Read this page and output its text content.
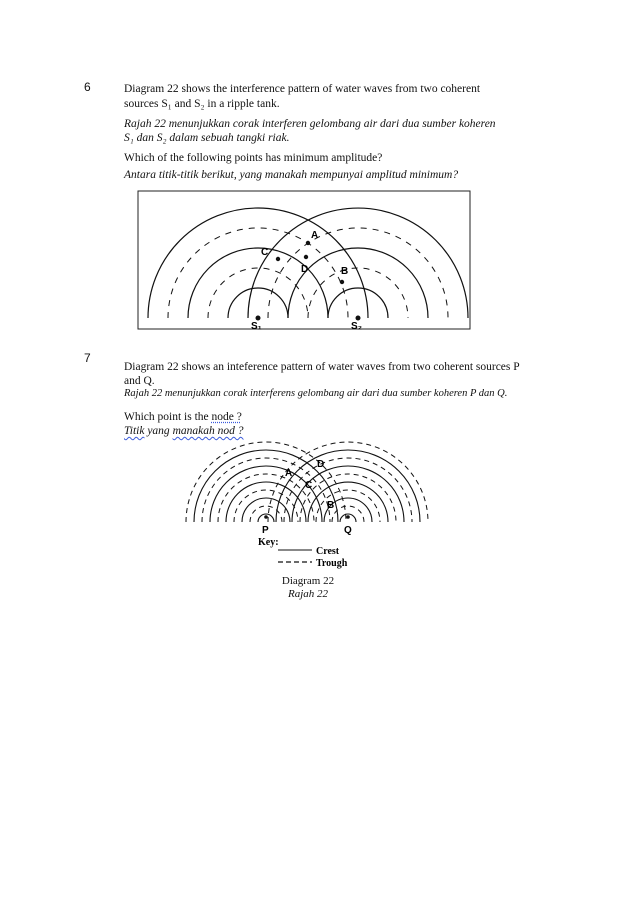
6	Diagram 22 shows the interference pattern of water waves from two coherent
sources S₁ and S₂ in a ripple tank.
Rajah 22 menunjukkan corak interferen gelombang air dari dua sumber koheren
S₁ dan S₂ dalam sebuah tangki riak.
Which of the following points has minimum amplitude?
Antara titik-titik berikut, yang manakah mempunyai amplitud minimum?
A
C
D	B
S₁	S₂
7
Diagram 22 shows an inteference pattern of water waves from two coherent sources P
and Q.
Rajah 22 menunjukkan corak interferens gelombang air dari dua sumber koheren P dan Q.
Which point is the node ?
Titik yang manakah nod ?
A
D
C
B
P	Q
Key:
Crest
Trough
Diagram 22
Rajah 22
